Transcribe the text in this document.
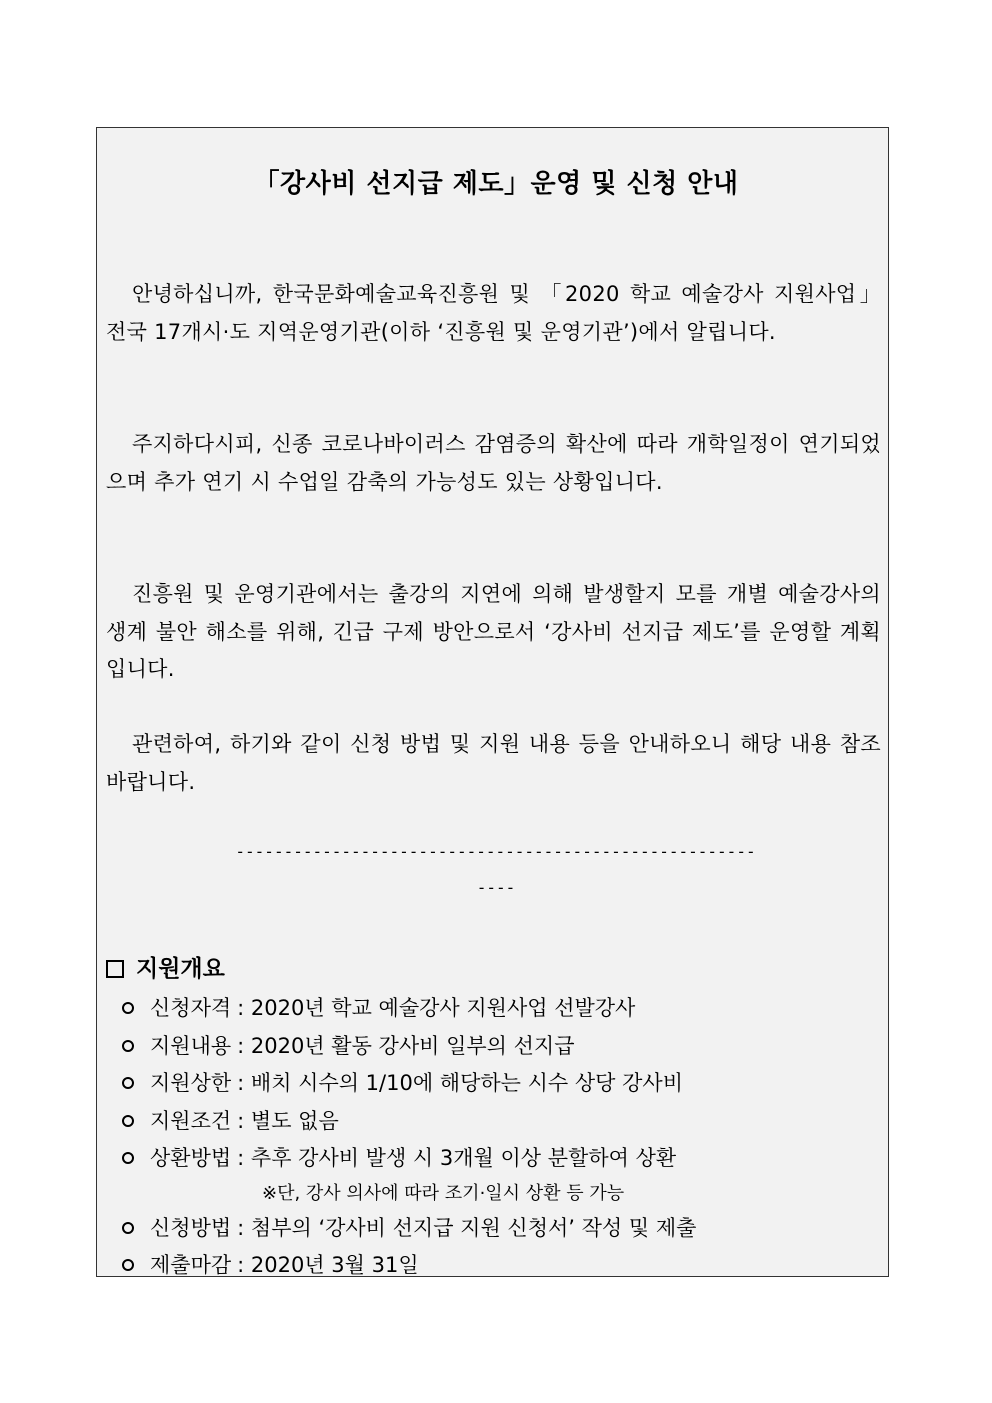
「강사비 선지급 제도」운영 및 신청 안내
안녕하십니까, 한국문화예술교육진흥원 및 「2020 학교 예술강사 지원사업」 전국 17개시·도 지역운영기관(이하 ‘진흥원 및 운영기관’)에서 알립니다.
주지하다시피, 신종 코로나바이러스 감염증의 확산에 따라 개학일정이 연기되었으며 추가 연기 시 수업일 감축의 가능성도 있는 상황입니다.
진흥원 및 운영기관에서는 출강의 지연에 의해 발생할지 모를 개별 예술강사의 생계 불안 해소를 위해, 긴급 구제 방안으로서 ‘강사비 선지급 제도’를 운영할 계획입니다.
관련하여, 하기와 같이 신청 방법 및 지원 내용 등을 안내하오니 해당 내용 참조 바랍니다.
------------------------------------------------------
----
지원개요
신청자격 : 2020년 학교 예술강사 지원사업 선발강사
지원내용 : 2020년 활동 강사비 일부의 선지급
지원상한 : 배치 시수의 1/10에 해당하는 시수 상당 강사비
지원조건 : 별도 없음
상환방법 : 추후 강사비 발생 시 3개월 이상 분할하여 상환
※단, 강사 의사에 따라 조기·일시 상환 등 가능
신청방법 : 첨부의 ‘강사비 선지급 지원 신청서’ 작성 및 제출
제출마감 : 2020년 3월 31일
